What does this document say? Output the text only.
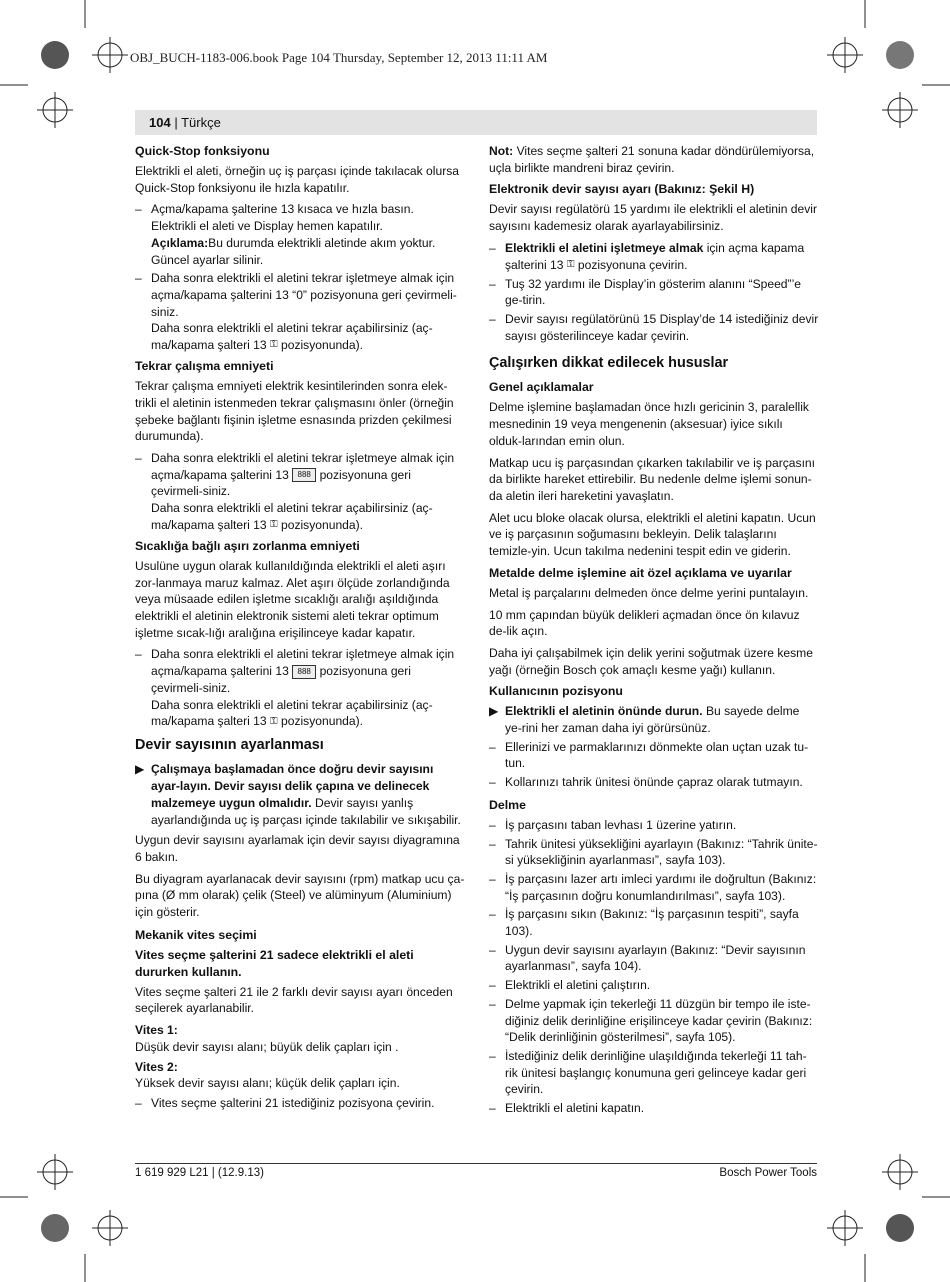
OBJ_BUCH-1183-006.book Page 104 Thursday, September 12, 2013 11:11 AM
104 | Türkçe
Quick-Stop fonksiyonu

Elektrikli el aleti, örneğin uç iş parçası içinde takılacak olursa Quick-Stop fonksiyonu ile hızla kapatılır.

– Açma/kapama şalterine 13 kısaca ve hızla basın.
Elektrikli el aleti ve Display hemen kapatılır.
Açıklama:Bu durumda elektrikli aletinde akım yoktur.
Güncel ayarlar silinir.
– Daha sonra elektrikli el aletini tekrar işletmeye almak için açma/kapama şalterini 13 “0” pozisyonuna geri çevirmeli-siniz.
Daha sonra elektrikli el aletini tekrar açabilirsiniz (aç-ma/kapama şalteri 13 ⚿ pozisyonunda).
Tekrar çalışma emniyeti

Tekrar çalışma emniyeti elektrik kesintilerinden sonra elek-trikli el aletinin istenmeden tekrar çalışmasını önler (örneğin şebeke bağlantı fişinin işletme esnasında prizden çekilmesi durumunda).

– Daha sonra elektrikli el aletini tekrar işletmeye almak için açma/kapama şalterini 13 888 pozisyonuna geri çevirmeli-siniz.
Daha sonra elektrikli el aletini tekrar açabilirsiniz (aç-ma/kapama şalteri 13 ⚿ pozisyonunda).
Sıcaklığa bağlı aşırı zorlanma emniyeti

Usulüne uygun olarak kullanıldığında elektrikli el aleti aşırı zor-lanmaya maruz kalmaz. Alet aşırı ölçüde zorlandığında veya müsaade edilen işletme sıcaklığı aralığı aşıldığında elektrikli el aletinin elektronik sistemi aleti tekrar optimum işletme sıcak-lığı aralığına erişilinceye kadar kapatır.

– Daha sonra elektrikli el aletini tekrar işletmeye almak için açma/kapama şalterini 13 888 pozisyonuna geri çevirmeli-siniz.
Daha sonra elektrikli el aletini tekrar açabilirsiniz (aç-ma/kapama şalteri 13 ⚿ pozisyonunda).
Devir sayısının ayarlanması
▶ Çalışmaya başlamadan önce doğru devir sayısını ayar-layın. Devir sayısı delik çapına ve delinecek malzemeye uygun olmalıdır. Devir sayısı yanlış ayarlandığında uç iş parçası içinde takılabilir ve sıkışabilir.

Uygun devir sayısını ayarlamak için devir sayısı diyagramına 6 bakın.

Bu diyagram ayarlanacak devir sayısını (rpm) matkap ucu ça-pına (Ø mm olarak) çelik (Steel) ve alüminyum (Aluminium) için gösterir.

Mekanik vites seçimi
Vites seçme şalterini 21 sadece elektrikli el aleti dururken kullanın.

Vites seçme şalteri 21 ile 2 farklı devir sayısı ayarı önceden seçilerek ayarlanabilir.

Vites 1:
Düşük devir sayısı alanı; büyük delik çapları için .
Vites 2:
Yüksek devir sayısı alanı; küçük delik çapları için.
– Vites seçme şalterini 21 istediğiniz pozisyona çevirin.

Not: Vites seçme şalteri 21 sonuna kadar döndürülemiyorsa, uçla birlikte mandreni biraz çevirin.

Elektronik devir sayısı ayarı (Bakınız: Şekil H)

Devir sayısı regülatörü 15 yardımı ile elektrikli el aletinin devir sayısını kademesiz olarak ayarlayabilirsiniz.

– Elektrikli el aletini işletmeye almak için açma kapama şalterini 13 ⚿ pozisyonuna çevirin.
– Tuş 32 yardımı ile Display’in gösterim alanını “Speed”’e ge-tirin.
– Devir sayısı regülatörünü 15 Display’de 14 istediğiniz devir sayısı gösterilinceye kadar çevirin.
Çalışırken dikkat edilecek hususlar
Genel açıklamalar

Delme işlemine başlamadan önce hızlı gericinin 3, paralellik mesnedinin 19 veya mengenenin (aksesuar) iyice sıkılı olduk-larından emin olun.

Matkap ucu iş parçasından çıkarken takılabilir ve iş parçasını da birlikte hareket ettirebilir. Bu nedenle delme işlemi sonun-da aletin ileri hareketini yavaşlatın.

Alet ucu bloke olacak olursa, elektrikli el aletini kapatın. Ucun ve iş parçasının soğumasını bekleyin. Delik talaşlarını temizle-yin. Ucun takılma nedenini tespit edin ve giderin.

Metalde delme işlemine ait özel açıklama ve uyarılar

Metal iş parçalarını delmeden önce delme yerini puntalayın.

10 mm çapından büyük delikleri açmadan önce ön kılavuz de-lik açın.

Daha iyi çalışabilmek için delik yerini soğutmak üzere kesme yağı (örneğin Bosch çok amaçlı kesme yağı) kullanın.

Kullanıcının pozisyonu
▶ Elektrikli el aletinin önünde durun. Bu sayede delme ye-rini her zaman daha iyi görürsünüz.
– Ellerinizi ve parmaklarınızı dönmekte olan uçtan uzak tu-tun.
– Kollarınızı tahrik ünitesi önünde çapraz olarak tutmayın.
Delme
– İş parçasını taban levhası 1 üzerine yatırın.
– Tahrik ünitesi yüksekliğini ayarlayın (Bakınız: “Tahrik ünite-si yüksekliğinin ayarlanması”, sayfa 103).
– İş parçasını lazer artı imleci yardımı ile doğrultun (Bakınız: “İş parçasının doğru konumlandırılması”, sayfa 103).
– İş parçasını sıkın (Bakınız: “İş parçasının tespiti”, sayfa 103).
– Uygun devir sayısını ayarlayın (Bakınız: “Devir sayısının ayarlanması”, sayfa 104).
– Elektrikli el aletini çalıştırın.
– Delme yapmak için tekerleği 11 düzgün bir tempo ile iste-diğiniz delik derinliğine erişilinceye kadar çevirin (Bakınız: “Delik derinliğinin gösterilmesi”, sayfa 105).
– İstediğiniz delik derinliğine ulaşıldığında tekerleği 11 tah-rik ünitesi başlangıç konumuna geri gelinceye kadar geri çevirin.
– Elektrikli el aletini kapatın.
1 619 929 L21 | (12.9.13)	Bosch Power Tools
